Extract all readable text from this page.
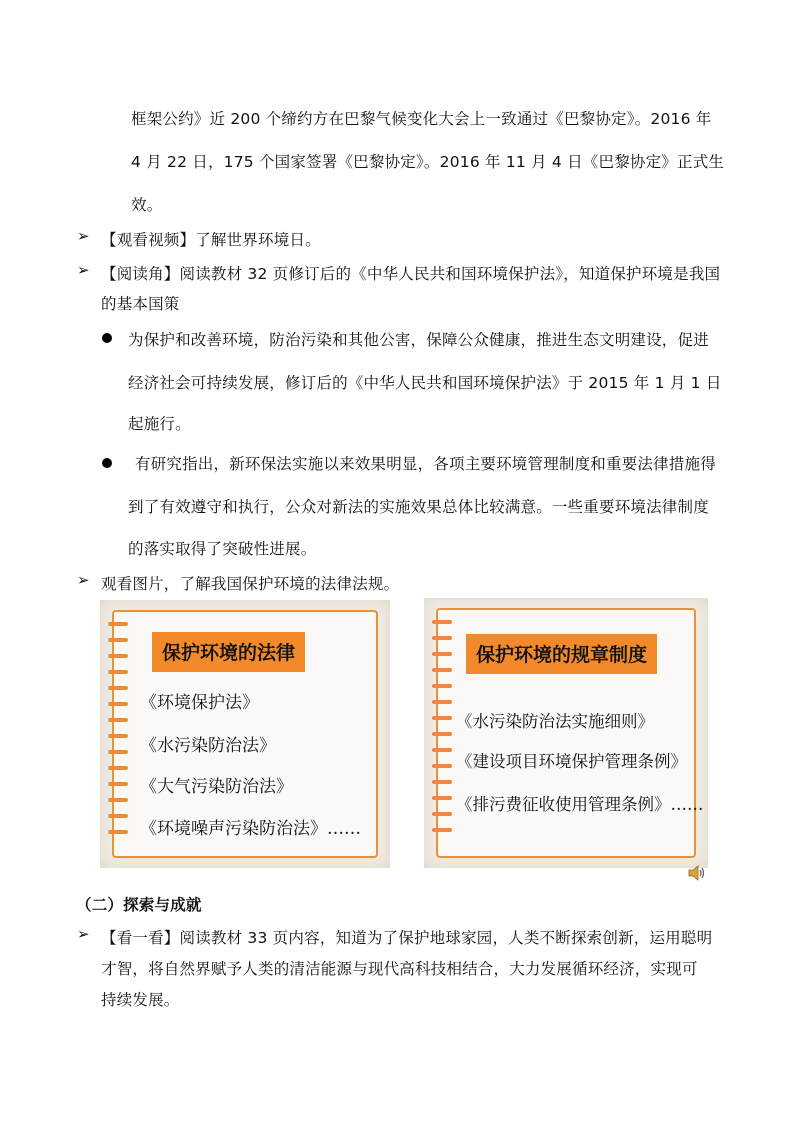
框架公约》近 200 个缔约方在巴黎气候变化大会上一致通过《巴黎协定》。2016 年
4 月 22 日，175 个国家签署《巴黎协定》。2016 年 11 月 4 日《巴黎协定》正式生
效。
➢ 【观看视频】了解世界环境日。
➢ 【阅读角】阅读教材 32 页修订后的《中华人民共和国环境保护法》，知道保护环境是我国
的基本国策
为保护和改善环境，防治污染和其他公害，保障公众健康，推进生态文明建设，促进
经济社会可持续发展，修订后的《中华人民共和国环境保护法》于 2015 年 1 月 1 日
起施行。
有研究指出，新环保法实施以来效果明显，各项主要环境管理制度和重要法律措施得
到了有效遵守和执行，公众对新法的实施效果总体比较满意。一些重要环境法律制度
的落实取得了突破性进展。
➢ 观看图片，了解我国保护环境的法律法规。
保护环境的法律
《环境保护法》
《水污染防治法》
《大气污染防治法》
《环境噪声污染防治法》……
保护环境的规章制度
《水污染防治法实施细则》
《建设项目环境保护管理条例》
《排污费征收使用管理条例》……
（二）探索与成就
➢ 【看一看】阅读教材 33 页内容，知道为了保护地球家园，人类不断探索创新，运用聪明
才智，将自然界赋予人类的清洁能源与现代高科技相结合，大力发展循环经济，实现可
持续发展。
